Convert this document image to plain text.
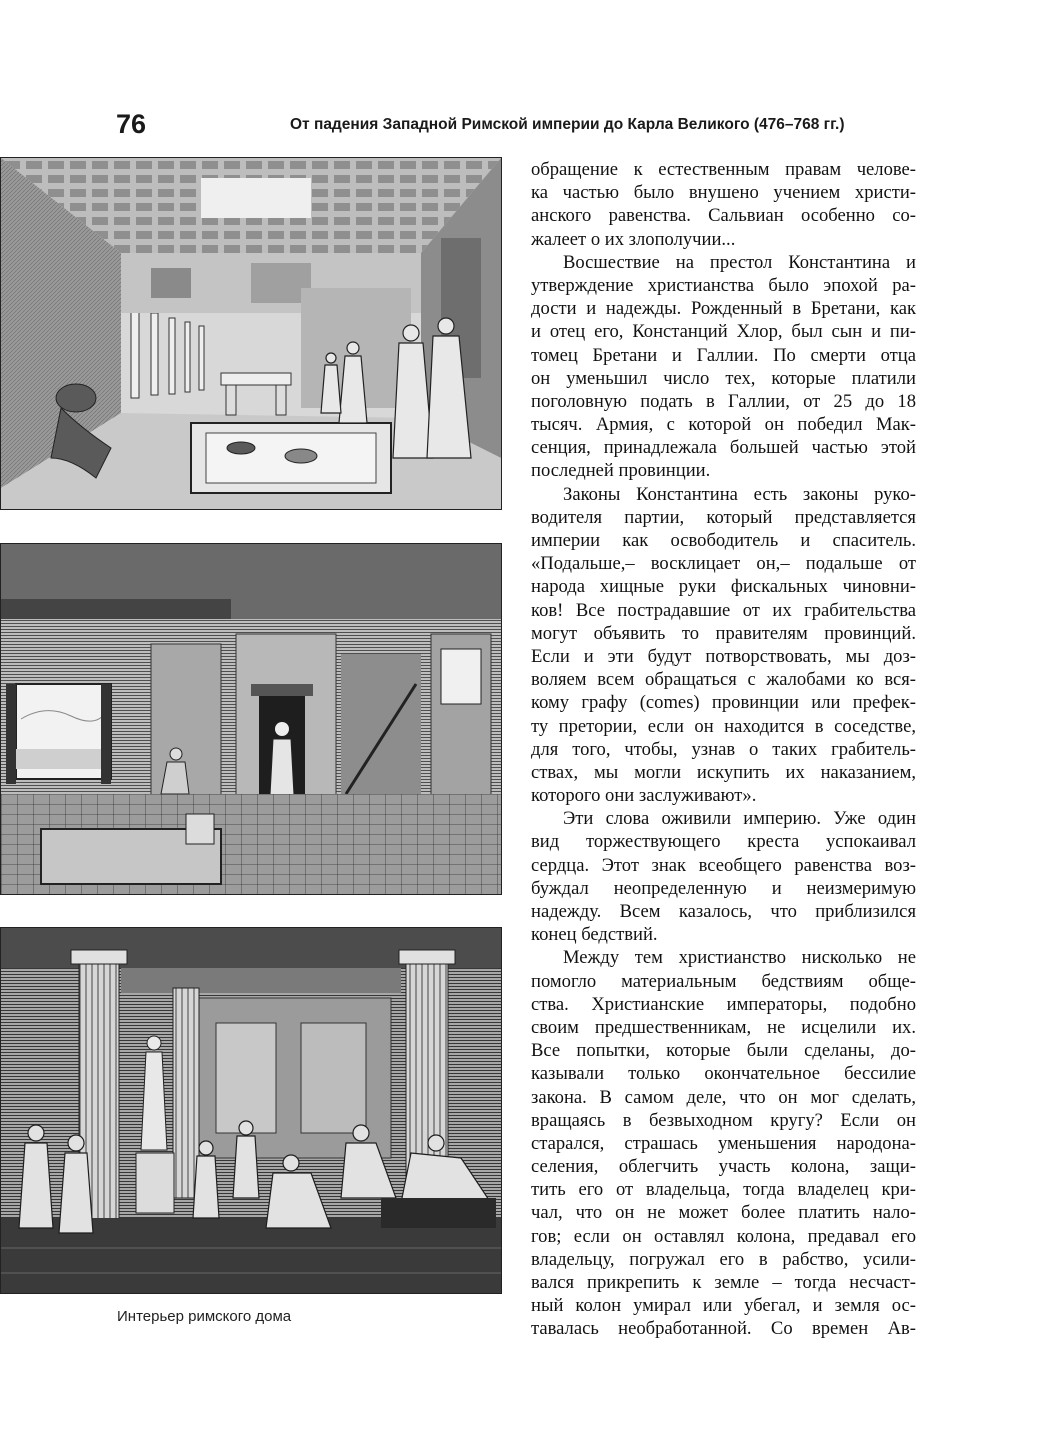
76	От падения Западной Римской империи до Карла Великого (476–768 гг.)
Интерьер римского дома
обращение к естественным правам челове-
ка частью было внушено учением христи-
анского равенства. Сальвиан особенно со-
жалеет о их злополучии...
Восшествие на престол Константина и
утверждение христианства было эпохой ра-
дости и надежды. Рожденный в Бретани, как
и отец его, Констанций Хлор, был сын и пи-
томец Бретани и Галлии. По смерти отца
он уменьшил число тех, которые платили
поголовную подать в Галлии, от 25 до 18
тысяч. Армия, с которой он победил Мак-
сенция, принадлежала большей частью этой
последней провинции.
Законы Константина есть законы руко-
водителя партии, который представляется
империи как освободитель и спаситель.
«Подальше,– восклицает он,– подальше от
народа хищные руки фискальных чиновни-
ков! Все пострадавшие от их грабительства
могут объявить то правителям провинций.
Если и эти будут потворствовать, мы доз-
воляем всем обращаться с жалобами ко вся-
кому графу (comes) провинции или префек-
ту претории, если он находится в соседстве,
для того, чтобы, узнав о таких грабитель-
ствах, мы могли искупить их наказанием,
которого они заслуживают».
Эти слова оживили империю. Уже один
вид торжествующего креста успокаивал
сердца. Этот знак всеобщего равенства воз-
буждал неопределенную и неизмеримую
надежду. Всем казалось, что приблизился
конец бедствий.
Между тем христианство нисколько не
помогло материальным бедствиям обще-
ства. Христианские императоры, подобно
своим предшественникам, не исцелили их.
Все попытки, которые были сделаны, до-
казывали только окончательное бессилие
закона. В самом деле, что он мог сделать,
вращаясь в безвыходном кругу? Если он
старался, страшась уменьшения народона-
селения, облегчить участь колона, защи-
тить его от владельца, тогда владелец кри-
чал, что он не может более платить нало-
гов; если он оставлял колона, предавал его
владельцу, погружал его в рабство, усили-
вался прикрепить к земле – тогда несчаст-
ный колон умирал или убегал, и земля ос-
тавалась необработанной. Со времен Ав-
